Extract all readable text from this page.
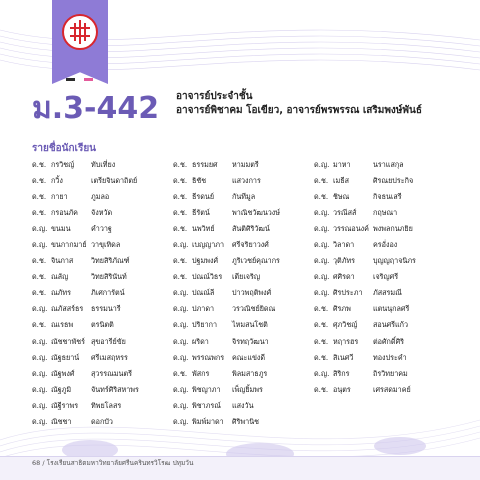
ม.3-442 อาจารย์ประจำชั้น
อาจารย์พิชาคม โอเขียว, อาจารย์พรพรรณ เสริมพงษ์พันธ์
รายชื่อนักเรียน
ด.ช. กรวิชญ์	ทับเที่ยง
ด.ช. กวิ้ง	เตรียจินดาถิตย์
ด.ช. กายา	ภูมลอ
ด.ช. กรอนภัค	จังหวัด
ด.ญ. ขนมน	คำวาฐ
ด.ญ. ขนกากมาย์ วาขุเทิดล
ด.ช. จินภาส	วิทยสิริภัณฑ์
ด.ช. ณลัญ	วิทยสิรินันท์
ด.ช. ณภัทร	ภิเศการัตน์
ด.ญ. ณภัสสร์ธร	ธรรมนารี
ด.ช. ณเรธพ	ตรนิตติ
ด.ญ. ณัชชาพัชร์ สุขอารีย์ขัย
ด.ญ. ณัฐธยาน์	ศรีเมสฤหรร
ด.ญ. ณัฐพงศ์	สุวรรณมนตรี
ด.ญ. ณัฐภูมิ	จันทร์ศิริสหาพร
ด.ญ. ณัฐีราพร	ทิพยโลสร
ด.ญ. ณิชชา	ดอกบัว
ด.ช. ธรรมยศ	หามมตรี
ด.ช. ธิชัช	แสวงการ
ด.ช. ธีรดนย์	กันทีมูล
ด.ช. ธีรัตน์	พาณิชวัฒนวงษ์
ด.ช. นพวิทย์	สันติศิริวัฒน์
ด.ญ. เบญญาภา	ศรีจริยาวงศ์
ด.ช. ปฐมพงศ์	ภูริเวชย์คุณากร
ด.ช. ปณณ์วิธร	เตียเจริญ
ด.ญ. ปณณ์ลี	ปาวพฤติพงศ์
ด.ญ. ปภาดา	วรวณิชย์ยิดณ
ด.ญ. ปริยากา	ไหมสนโชติ
ด.ญ. ผริดา	จิรทฤวัฒนา
ด.ญ. พรรณพกร	คณะแข่งดี
ด.ช. พัสกร	พิลมสาธภูร
ด.ญ. พิชญาภา	เพ็ญยิ้มพร
ด.ญ. พิชาภรณ์	แสงวัน
ด.ญ. พิมพ์มาดา	ศิริพานิช
ด.ญ. มาหา	นราแสกุล
ด.ช. เมธีส	ศิรณยประกิจ
ด.ช. ชิษณ	กิจธนเสรี
ด.ญ. วรณีสส์	กฤษณา
ด.ญ. วรรณอนงค์ พงพลกนภยิย
ด.ญ. วิลาดา	ครอั่งอง
ด.ญ. วุติภัทร	บุญญฤาจนิภร
ด.ญ. ศศิรดา	เจริญศรี
ด.ญ. ศิรประภา	ภัสสรมณี
ด.ช. ศิรภพ	แตนนุกลศรี
ด.ช. ศุภวิชญ์	สอนศรีแก้ว
ด.ช. หฤารฮร	ต่อศักดิ์ศิริ
ด.ช. สิเนศวี	ทองประคำ
ด.ญ. สิริกร	ถิรวิทยาคม
ด.ช. อนุตร	เศรสดมาคย์
68 / โรงเรียนสาธิตมหาวิทยาลัยศรีนครินทรวิโรฒ ปทุมวัน
